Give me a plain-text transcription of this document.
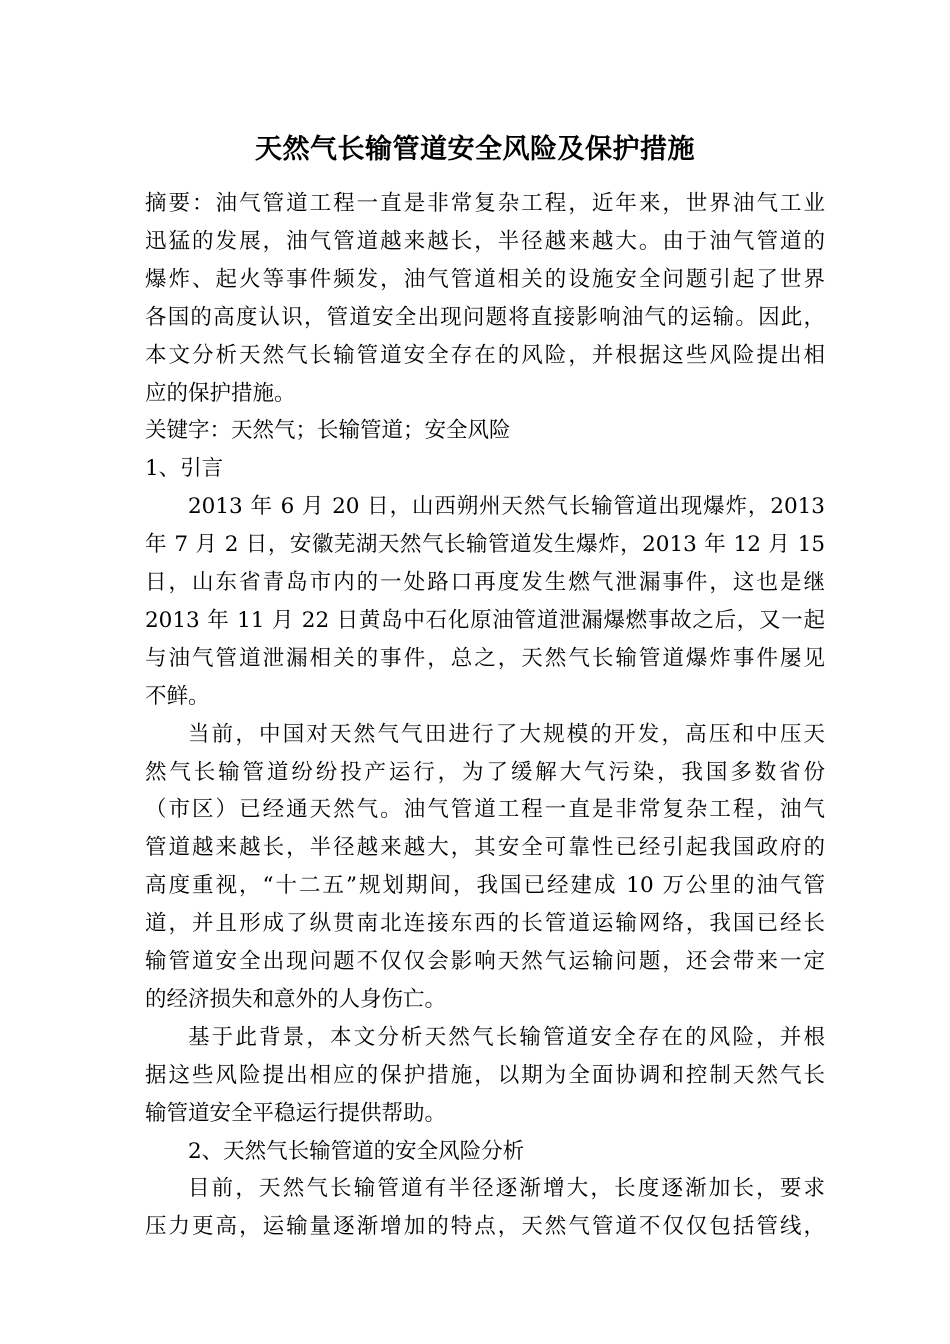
天然气长输管道安全风险及保护措施
摘要：油气管道工程一直是非常复杂工程，近年来，世界油气工业
迅猛的发展，油气管道越来越长，半径越来越大。由于油气管道的
爆炸、起火等事件频发，油气管道相关的设施安全问题引起了世界
各国的高度认识，管道安全出现问题将直接影响油气的运输。因此，
本文分析天然气长输管道安全存在的风险，并根据这些风险提出相
应的保护措施。
关键字：天然气；长输管道；安全风险
1、引言
2013 年 6 月 20 日，山西朔州天然气长输管道出现爆炸，2013
年 7 月 2 日，安徽芜湖天然气长输管道发生爆炸，2013 年 12 月 15
日，山东省青岛市内的一处路口再度发生燃气泄漏事件，这也是继
2013 年 11 月 22 日黄岛中石化原油管道泄漏爆燃事故之后，又一起
与油气管道泄漏相关的事件，总之，天然气长输管道爆炸事件屡见
不鲜。
当前，中国对天然气气田进行了大规模的开发，高压和中压天
然气长输管道纷纷投产运行，为了缓解大气污染，我国多数省份
（市区）已经通天然气。油气管道工程一直是非常复杂工程，油气
管道越来越长，半径越来越大，其安全可靠性已经引起我国政府的
高度重视，“十二五”规划期间，我国已经建成 10 万公里的油气管
道，并且形成了纵贯南北连接东西的长管道运输网络，我国已经长
输管道安全出现问题不仅仅会影响天然气运输问题，还会带来一定
的经济损失和意外的人身伤亡。
基于此背景，本文分析天然气长输管道安全存在的风险，并根
据这些风险提出相应的保护措施，以期为全面协调和控制天然气长
输管道安全平稳运行提供帮助。
2、天然气长输管道的安全风险分析
目前，天然气长输管道有半径逐渐增大，长度逐渐加长，要求
压力更高，运输量逐渐增加的特点，天然气管道不仅仅包括管线，
